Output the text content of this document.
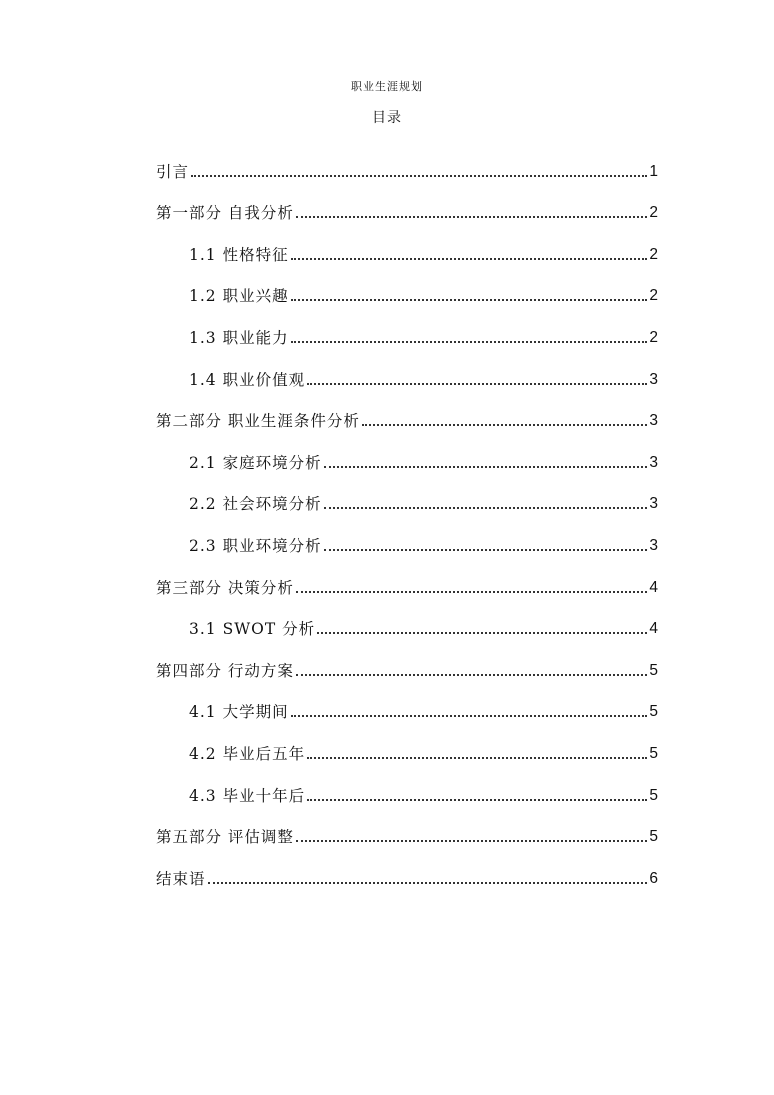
职业生涯规划
目录
引言	1
第一部分 自我分析	2
1.1 性格特征	2
1.2 职业兴趣	2
1.3 职业能力	2
1.4 职业价值观	3
第二部分 职业生涯条件分析	3
2.1 家庭环境分析	3
2.2 社会环境分析	3
2.3 职业环境分析	3
第三部分 决策分析	4
3.1 SWOT 分析	4
第四部分 行动方案	5
4.1 大学期间	5
4.2 毕业后五年	5
4.3 毕业十年后	5
第五部分 评估调整	5
结束语	6
